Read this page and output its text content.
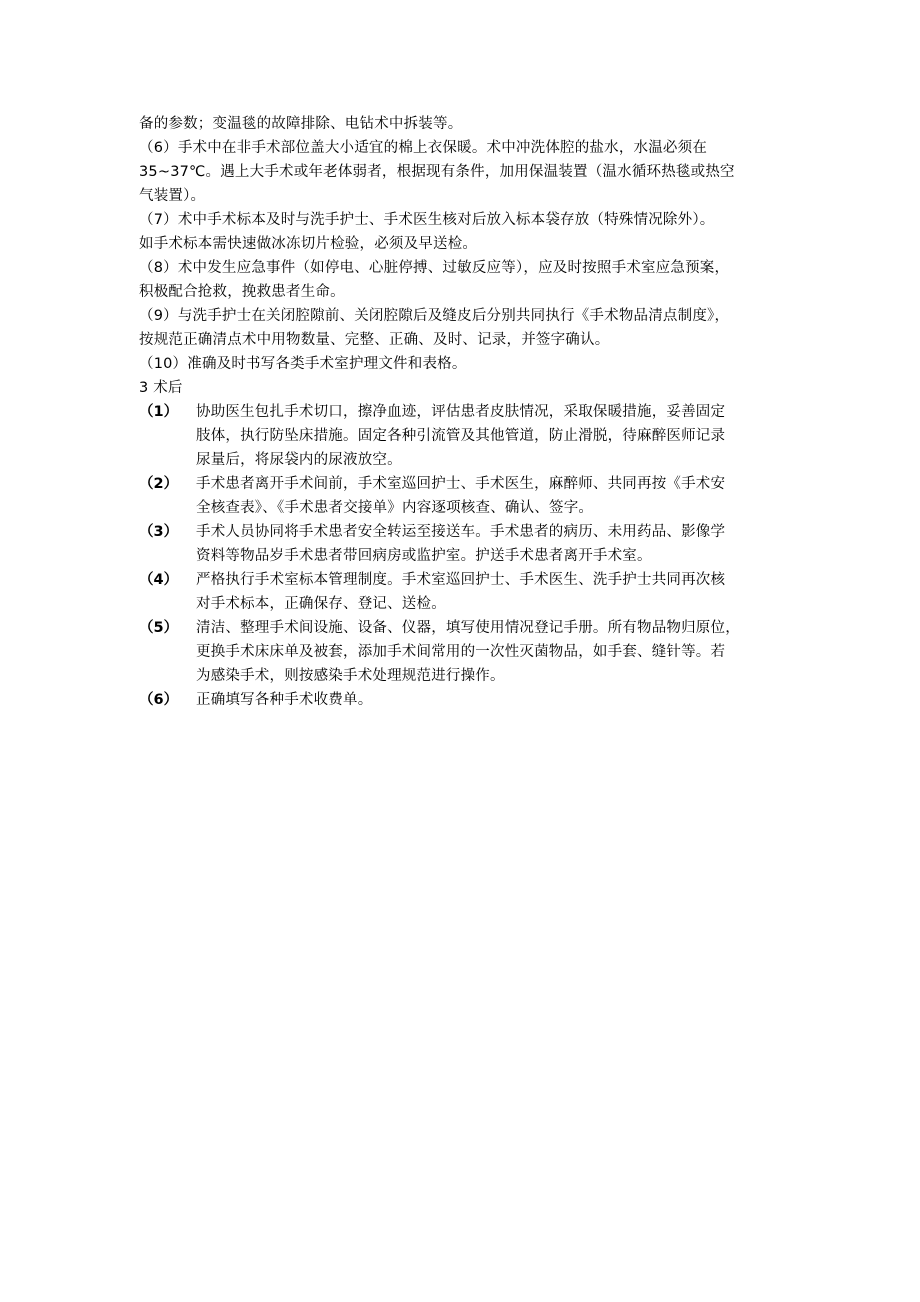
备的参数；变温毯的故障排除、电钻术中拆装等。
（6）手术中在非手术部位盖大小适宜的棉上衣保暖。术中冲洗体腔的盐水，水温必须在
35~37℃。遇上大手术或年老体弱者，根据现有条件，加用保温装置（温水循环热毯或热空
气装置）。
（7）术中手术标本及时与洗手护士、手术医生核对后放入标本袋存放（特殊情况除外）。
如手术标本需快速做冰冻切片检验，必须及早送检。
（8）术中发生应急事件（如停电、心脏停搏、过敏反应等），应及时按照手术室应急预案，
积极配合抢救，挽救患者生命。
（9）与洗手护士在关闭腔隙前、关闭腔隙后及缝皮后分别共同执行《手术物品清点制度》，
按规范正确清点术中用物数量、完整、正确、及时、记录，并签字确认。
（10）准确及时书写各类手术室护理文件和表格。
3 术后
（1）	协助医生包扎手术切口，擦净血迹，评估患者皮肤情况，采取保暖措施，妥善固定
肢体，执行防坠床措施。固定各种引流管及其他管道，防止滑脱，待麻醉医师记录
尿量后，将尿袋内的尿液放空。
（2）	手术患者离开手术间前，手术室巡回护士、手术医生，麻醉师、共同再按《手术安
全核查表》、《手术患者交接单》内容逐项核查、确认、签字。
（3）	手术人员协同将手术患者安全转运至接送车。手术患者的病历、未用药品、影像学
资料等物品岁手术患者带回病房或监护室。护送手术患者离开手术室。
（4）	严格执行手术室标本管理制度。手术室巡回护士、手术医生、洗手护士共同再次核
对手术标本，正确保存、登记、送检。
（5）	清洁、整理手术间设施、设备、仪器，填写使用情况登记手册。所有物品物归原位，
更换手术床床单及被套，添加手术间常用的一次性灭菌物品，如手套、缝针等。若
为感染手术，则按感染手术处理规范进行操作。
（6）	正确填写各种手术收费单。
